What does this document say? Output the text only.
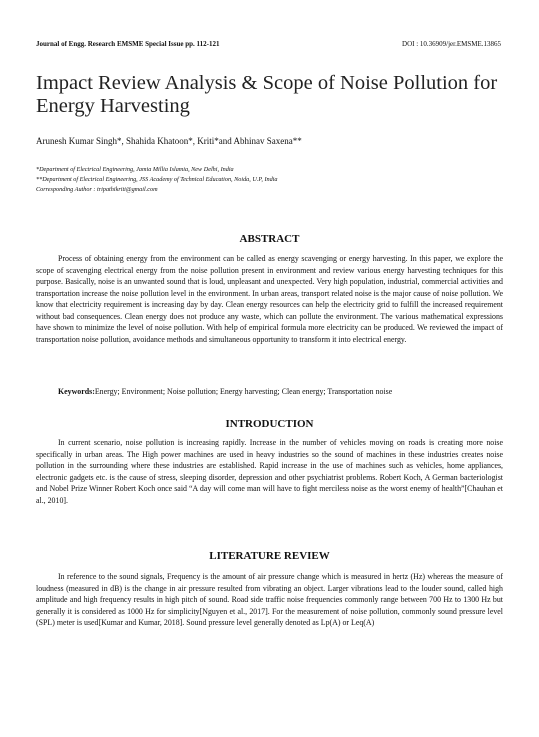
Journal of Engg. Research EMSME Special Issue pp. 112-121	DOI : 10.36909/jer.EMSME.13865
Impact Review Analysis & Scope of Noise Pollution for Energy Harvesting
Arunesh Kumar Singh*, Shahida Khatoon*, Kriti*and Abhinav Saxena**
*Department of Electrical Engineering, Jamia Millia Islamia, New Delhi, India
**Department of Electrical Engineering, JSS Academy of Technical Education, Noida, U.P, India
Corresponding Author : tripathikriti@gmail.com
ABSTRACT
Process of obtaining energy from the environment can be called as energy scavenging or energy harvesting. In this paper, we explore the scope of scavenging electrical energy from the noise pollution present in environment and review various energy harvesting techniques for this purpose. Basically, noise is an unwanted sound that is loud, unpleasant and unexpected. Very high population, industrial, commercial activities and transportation increase the noise pollution level in the environment. In urban areas, transport related noise is the major cause of noise pollution. We know that electricity requirement is increasing day by day. Clean energy resources can help the electricity grid to fulfill the increased requirement without bad consequences. Clean energy does not produce any waste, which can pollute the environment. The various mathematical expressions have shown to minimize the level of noise pollution. With help of empirical formula more electricity can be produced. We reviewed the impact of transportation noise pollution, avoidance methods and simultaneous opportunity to transform it into electrical energy.
Keywords:Energy; Environment; Noise pollution; Energy harvesting; Clean energy; Transportation noise
INTRODUCTION
In current scenario, noise pollution is increasing rapidly. Increase in the number of vehicles moving on roads is creating more noise specifically in urban areas. The High power machines are used in heavy industries so the sound of machines in these industries creates noise pollution in the surrounding where these industries are established. Rapid increase in the use of machines such as vehicles, home appliances, electronic gadgets etc. is the cause of stress, sleeping disorder, depression and other psychiatrist problems. Robert Koch, A German bacteriologist and Nobel Prize Winner Robert Koch once said “A day will come man will have to fight merciless noise as the worst enemy of health”[Chauhan et al., 2010].
LITERATURE REVIEW
In reference to the sound signals, Frequency is the amount of air pressure change which is measured in hertz (Hz) whereas the measure of loudness (measured in dB) is the change in air pressure resulted from vibrating an object. Larger vibrations lead to the louder sound, called high amplitude and high frequency results in high pitch of sound. Road side traffic noise frequencies commonly range between 700 Hz to 1300 Hz but generally it is considered as 1000 Hz for simplicity[Nguyen et al., 2017]. For the measurement of noise pollution, commonly sound pressure level (SPL) meter is used[Kumar and Kumar, 2018]. Sound pressure level generally denoted as Lp(A) or Leq(A)
